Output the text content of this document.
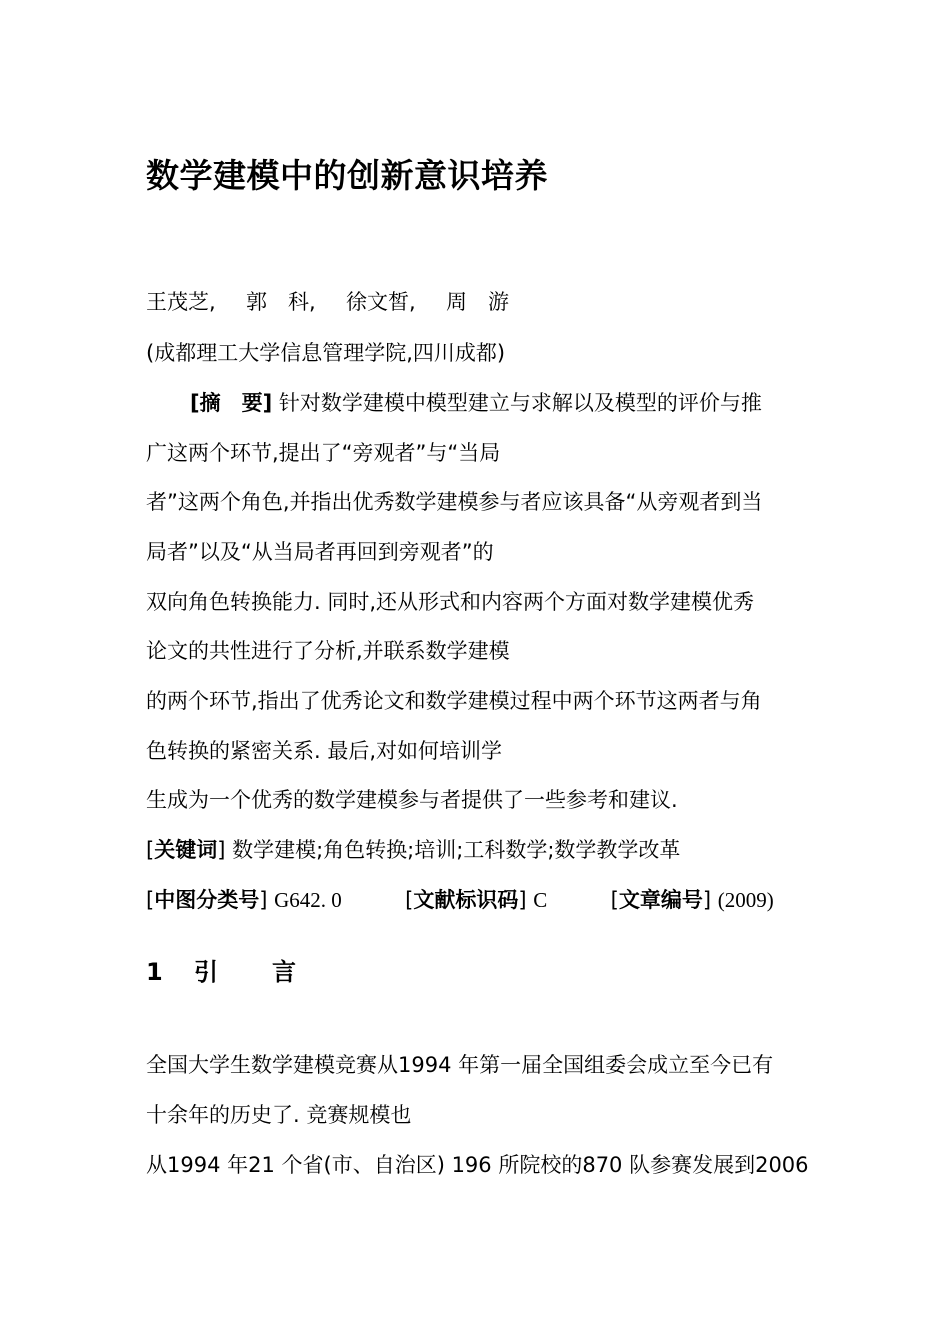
数学建模中的创新意识培养
王茂芝, 郭　科, 徐文皙, 周　游
(成都理工大学信息管理学院,四川成都)
[摘　要] 针对数学建模中模型建立与求解以及模型的评价与推
广这两个环节,提出了“旁观者”与“当局
者”这两个角色,并指出优秀数学建模参与者应该具备“从旁观者到当
局者”以及“从当局者再回到旁观者”的
双向角色转换能力. 同时,还从形式和内容两个方面对数学建模优秀
论文的共性进行了分析,并联系数学建模
的两个环节,指出了优秀论文和数学建模过程中两个环节这两者与角
色转换的紧密关系. 最后,对如何培训学
生成为一个优秀的数学建模参与者提供了一些参考和建议.
[关键词] 数学建模;角色转换;培训;工科数学;数学教学改革
[中图分类号] G642. 0	[文献标识码] C	[文章编号] (2009)
1 引 言
全国大学生数学建模竞赛从1994 年第一届全国组委会成立至今已有
十余年的历史了. 竞赛规模也
从1994 年21 个省(市、自治区) 196 所院校的870 队参赛发展到2006
